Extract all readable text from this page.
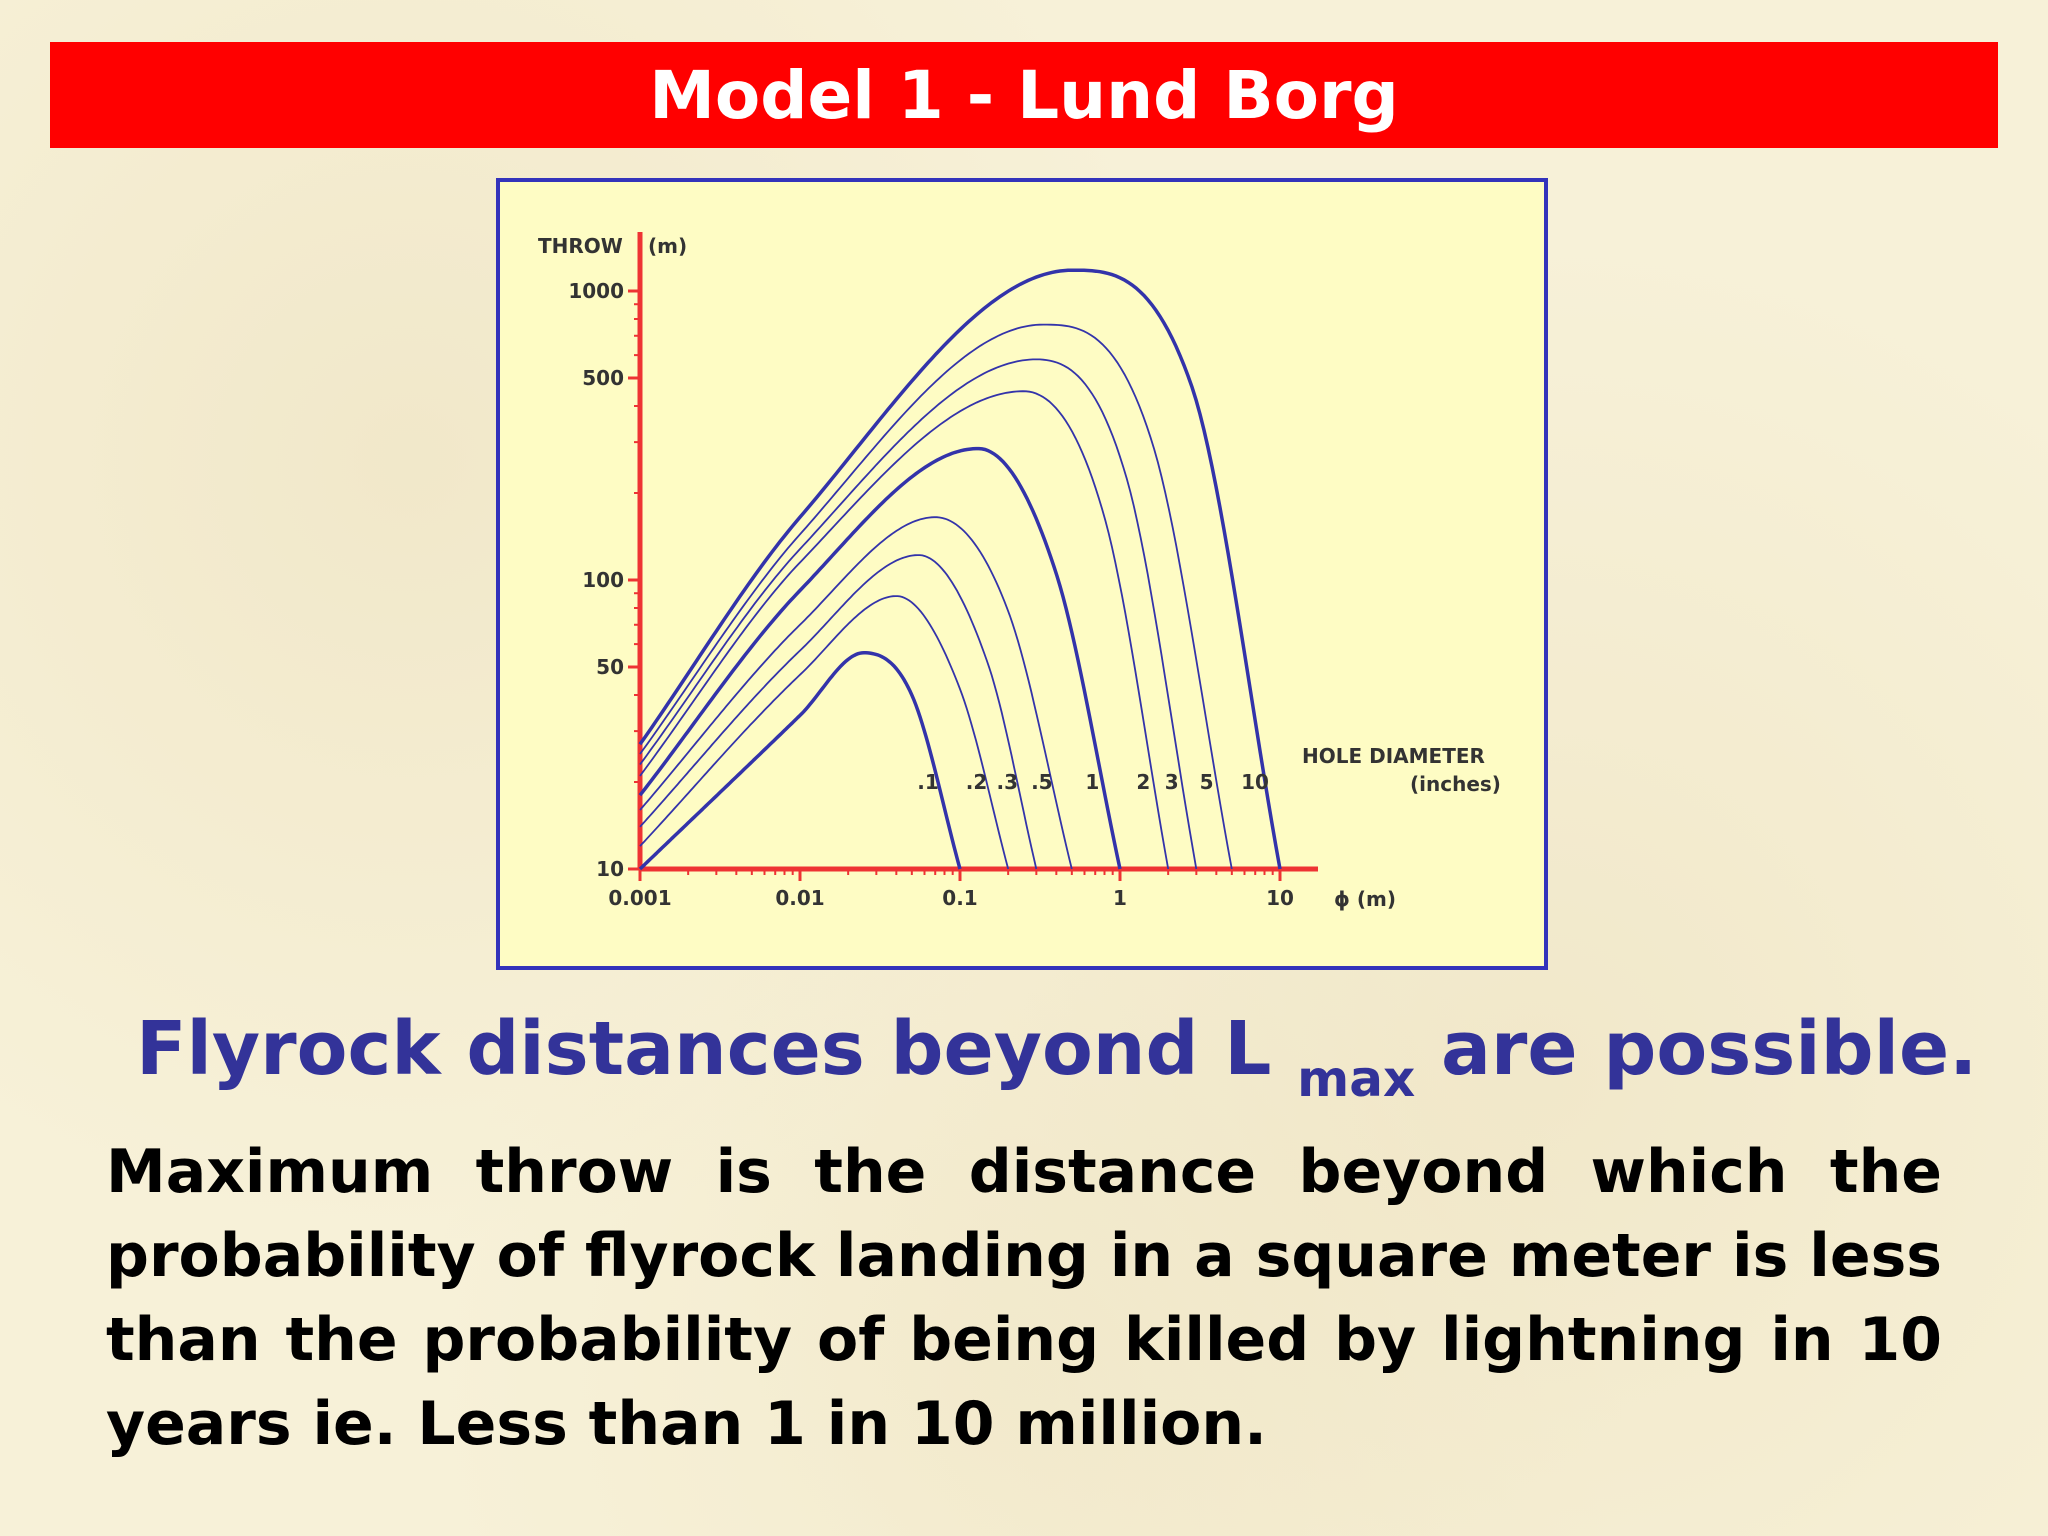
Model 1 - Lund Borg
0.001	0.01	0.1	1	10
10
50
100
500
1000
.1 .2 .3 .5 1 2 3 5 10
THROW (m)
ϕ (m)
HOLE DIAMETER
(inches)
Flyrock distances beyond L $_{max}$ are possible.
Maximum throw is the distance beyond which the probability of flyrock landing in a square meter is less than the probability of being killed by lightning in 10 years ie. Less than 1 in 10 million.
